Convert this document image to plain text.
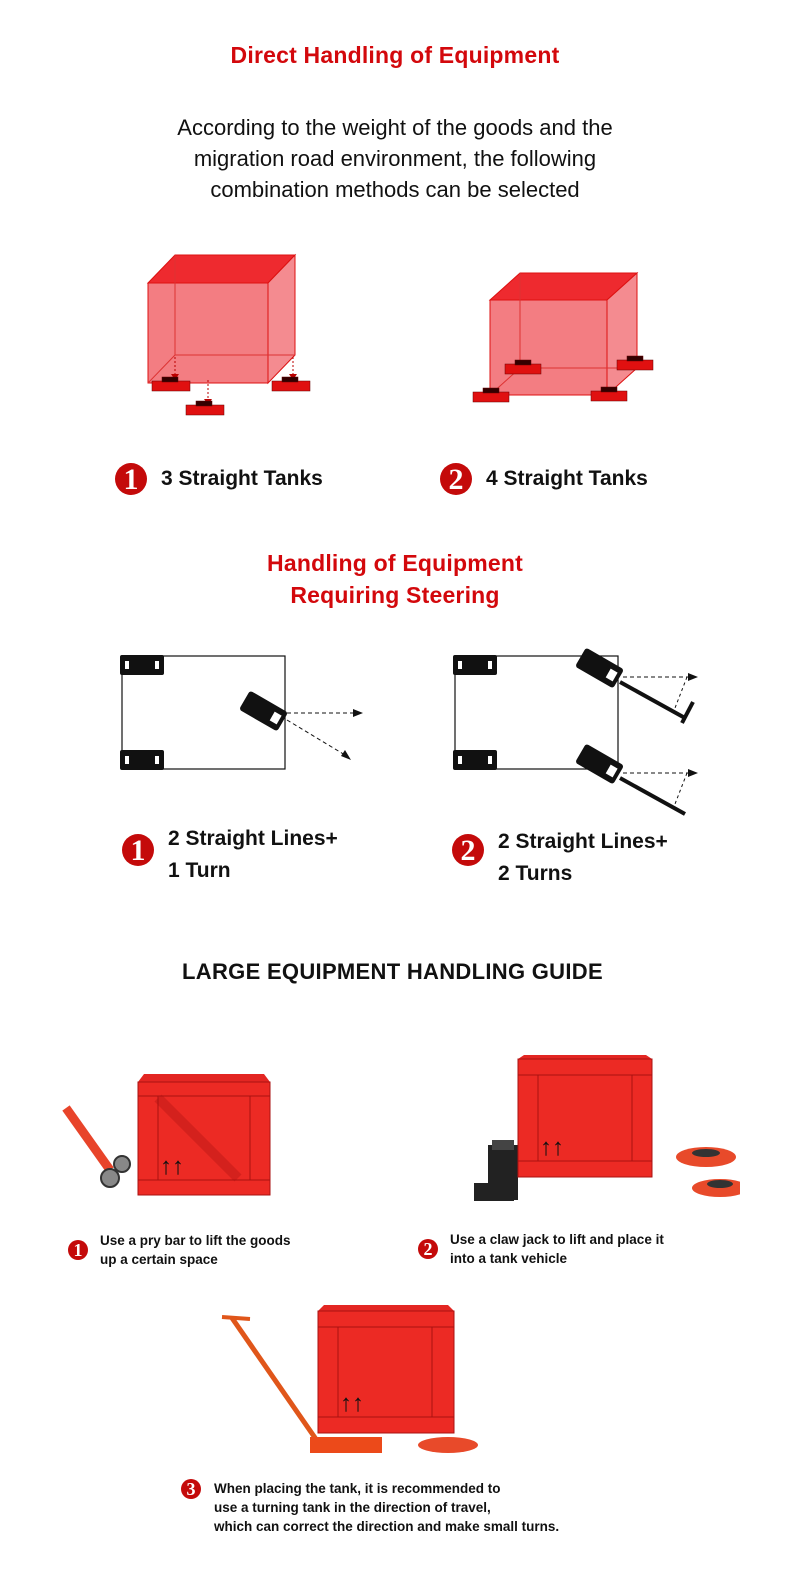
Direct Handling of Equipment
According to the weight of the goods and the
migration road environment, the following
combination methods can be selected
1	3 Straight Tanks	2	4 Straight Tanks
Handling of Equipment
Requiring Steering
1	2 Straight Lines+
1 Turn
2	2 Straight Lines+
2 Turns
LARGE EQUIPMENT HANDLING GUIDE
↑↑
↑↑
1	Use a pry bar to lift the goods
up a certain space
2	Use a claw jack to lift and place it
into a tank vehicle
↑↑
3	When placing the tank, it is recommended to
use a turning tank in the direction of travel,
which can correct the direction and make small turns.
